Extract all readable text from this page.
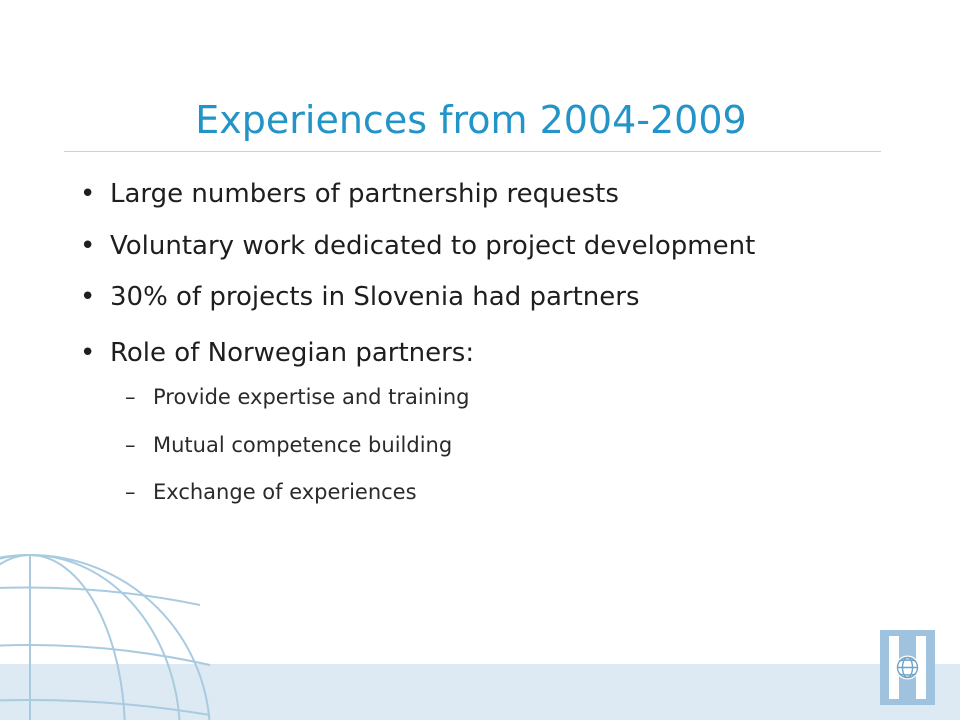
Experiences from 2004-2009
• Large numbers of partnership requests
• Voluntary work dedicated to project development
• 30% of projects in Slovenia had partners
• Role of Norwegian partners:
– Provide expertise and training
– Mutual competence building
– Exchange of experiences
